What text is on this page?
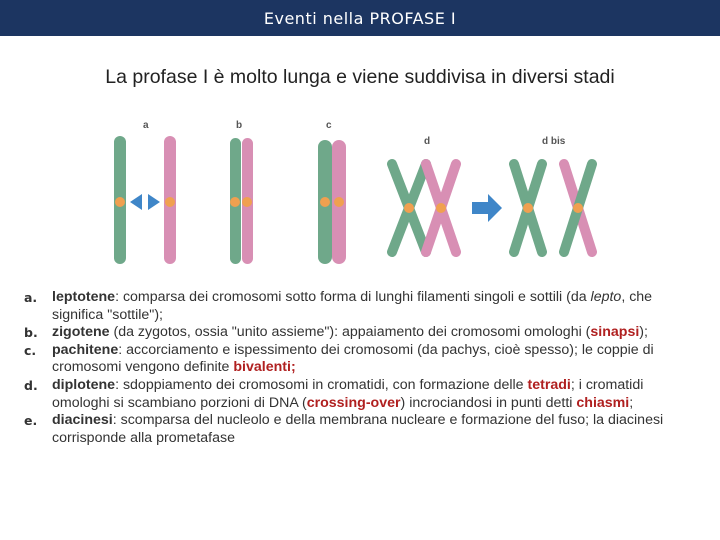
Eventi nella PROFASE I
La profase I è molto lunga e viene suddivisa in diversi stadi
a	b	c
d	d bis
a. leptotene: comparsa dei cromosomi sotto forma di lunghi filamenti singoli e sottili (da lepto, che significa "sottile");
b. zigotene (da zygotos, ossia "unito assieme"): appaiamento dei cromosomi omologhi (sinapsi);
c. pachitene: accorciamento e ispessimento dei cromosomi (da pachys, cioè spesso); le coppie di cromosomi vengono definite bivalenti;
d. diplotene: sdoppiamento dei cromosomi in cromatidi, con formazione delle tetradi; i cromatidi omologhi si scambiano porzioni di DNA (crossing-over) incrociandosi in punti detti chiasmi;
e. diacinesi: scomparsa del nucleolo e della membrana nucleare e formazione del fuso; la diacinesi corrisponde alla prometafase
